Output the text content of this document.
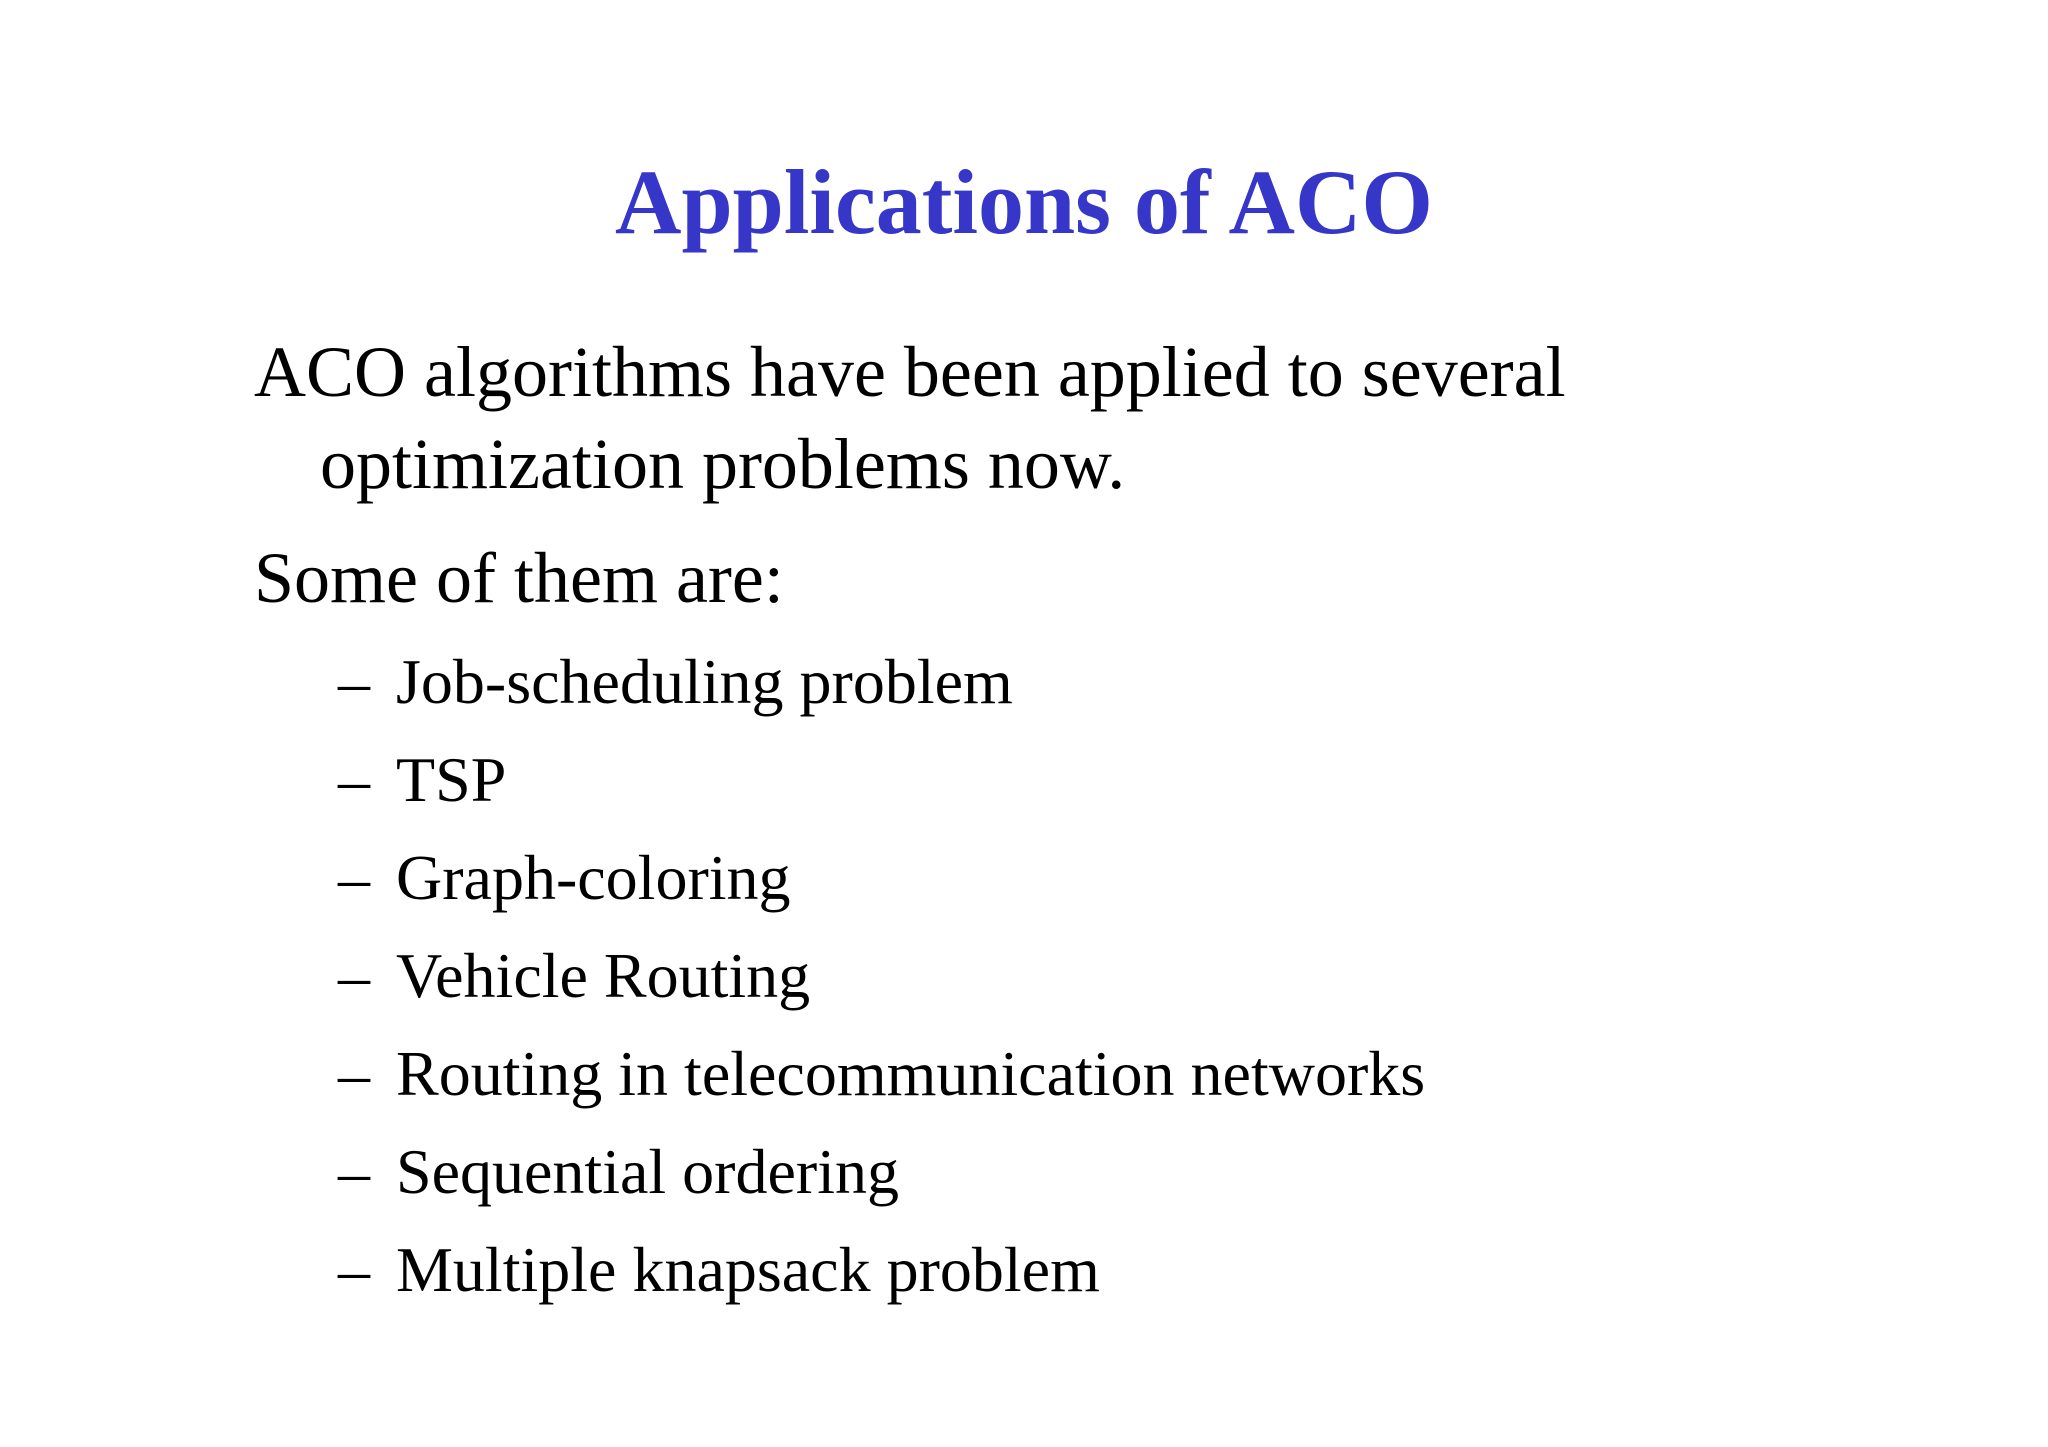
Applications of ACO

ACO algorithms have been applied to several
optimization problems now.

Some of them are:

– Job-scheduling problem
– TSP
– Graph-coloring
– Vehicle Routing
– Routing in telecommunication networks
– Sequential ordering
– Multiple knapsack problem
